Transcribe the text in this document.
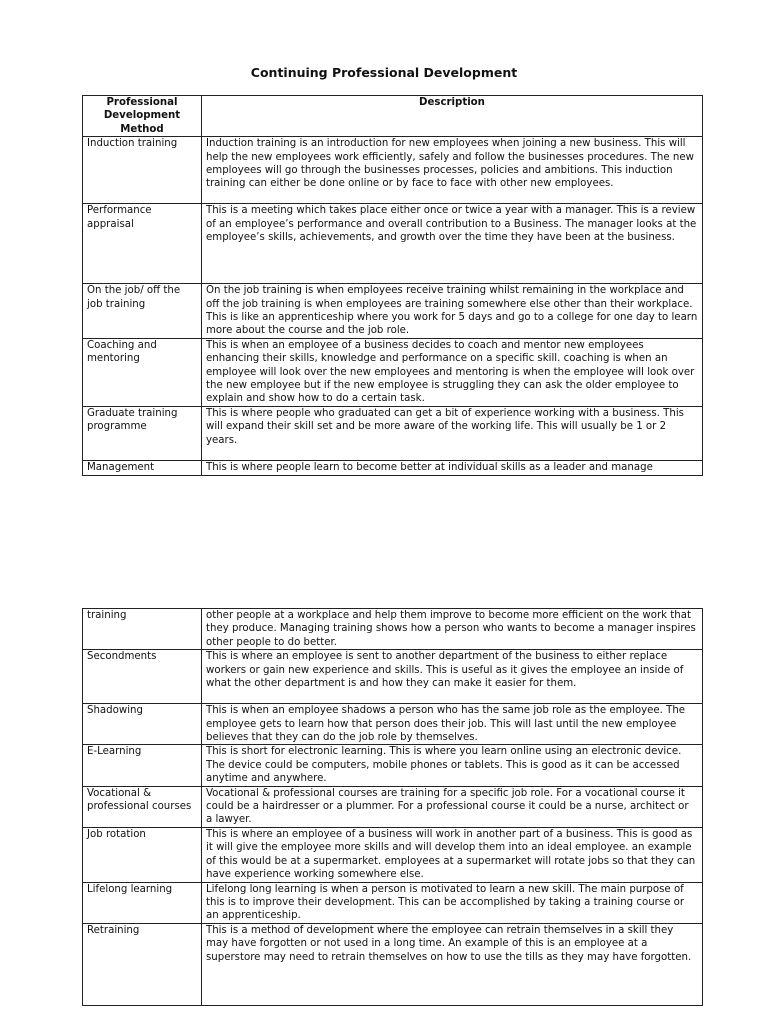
Continuing Professional Development
Professional Development Method	Description
Induction training	Induction training is an introduction for new employees when joining a new business. This will help the new employees work efficiently, safely and follow the businesses procedures. The new employees will go through the businesses processes, policies and ambitions. This induction training can either be done online or by face to face with other new employees.
Performance appraisal	This is a meeting which takes place either once or twice a year with a manager. This is a review of an employee’s performance and overall contribution to a Business. The manager looks at the employee’s skills, achievements, and growth over the time they have been at the business.
On the job/ off the job training	On the job training is when employees receive training whilst remaining in the workplace and off the job training is when employees are training somewhere else other than their workplace. This is like an apprenticeship where you work for 5 days and go to a college for one day to learn more about the course and the job role.
Coaching and mentoring	This is when an employee of a business decides to coach and mentor new employees enhancing their skills, knowledge and performance on a specific skill. coaching is when an employee will look over the new employees and mentoring is when the employee will look over the new employee but if the new employee is struggling they can ask the older employee to explain and show how to do a certain task.
Graduate training programme	This is where people who graduated can get a bit of experience working with a business. This will expand their skill set and be more aware of the working life. This will usually be 1 or 2 years.
Management	This is where people learn to become better at individual skills as a leader and manage
training	other people at a workplace and help them improve to become more efficient on the work that they produce. Managing training shows how a person who wants to become a manager inspires other people to do better.
Secondments	This is where an employee is sent to another department of the business to either replace workers or gain new experience and skills. This is useful as it gives the employee an inside of what the other department is and how they can make it easier for them.
Shadowing	This is when an employee shadows a person who has the same job role as the employee. The employee gets to learn how that person does their job. This will last until the new employee believes that they can do the job role by themselves.
E-Learning	This is short for electronic learning. This is where you learn online using an electronic device. The device could be computers, mobile phones or tablets. This is good as it can be accessed anytime and anywhere.
Vocational & professional courses	Vocational & professional courses are training for a specific job role. For a vocational course it could be a hairdresser or a plummer. For a professional course it could be a nurse, architect or a lawyer.
Job rotation	This is where an employee of a business will work in another part of a business. This is good as it will give the employee more skills and will develop them into an ideal employee. an example of this would be at a supermarket. employees at a supermarket will rotate jobs so that they can have experience working somewhere else.
Lifelong learning	Lifelong long learning is when a person is motivated to learn a new skill. The main purpose of this is to improve their development. This can be accomplished by taking a training course or an apprenticeship.
Retraining	This is a method of development where the employee can retrain themselves in a skill they may have forgotten or not used in a long time. An example of this is an employee at a superstore may need to retrain themselves on how to use the tills as they may have forgotten.
